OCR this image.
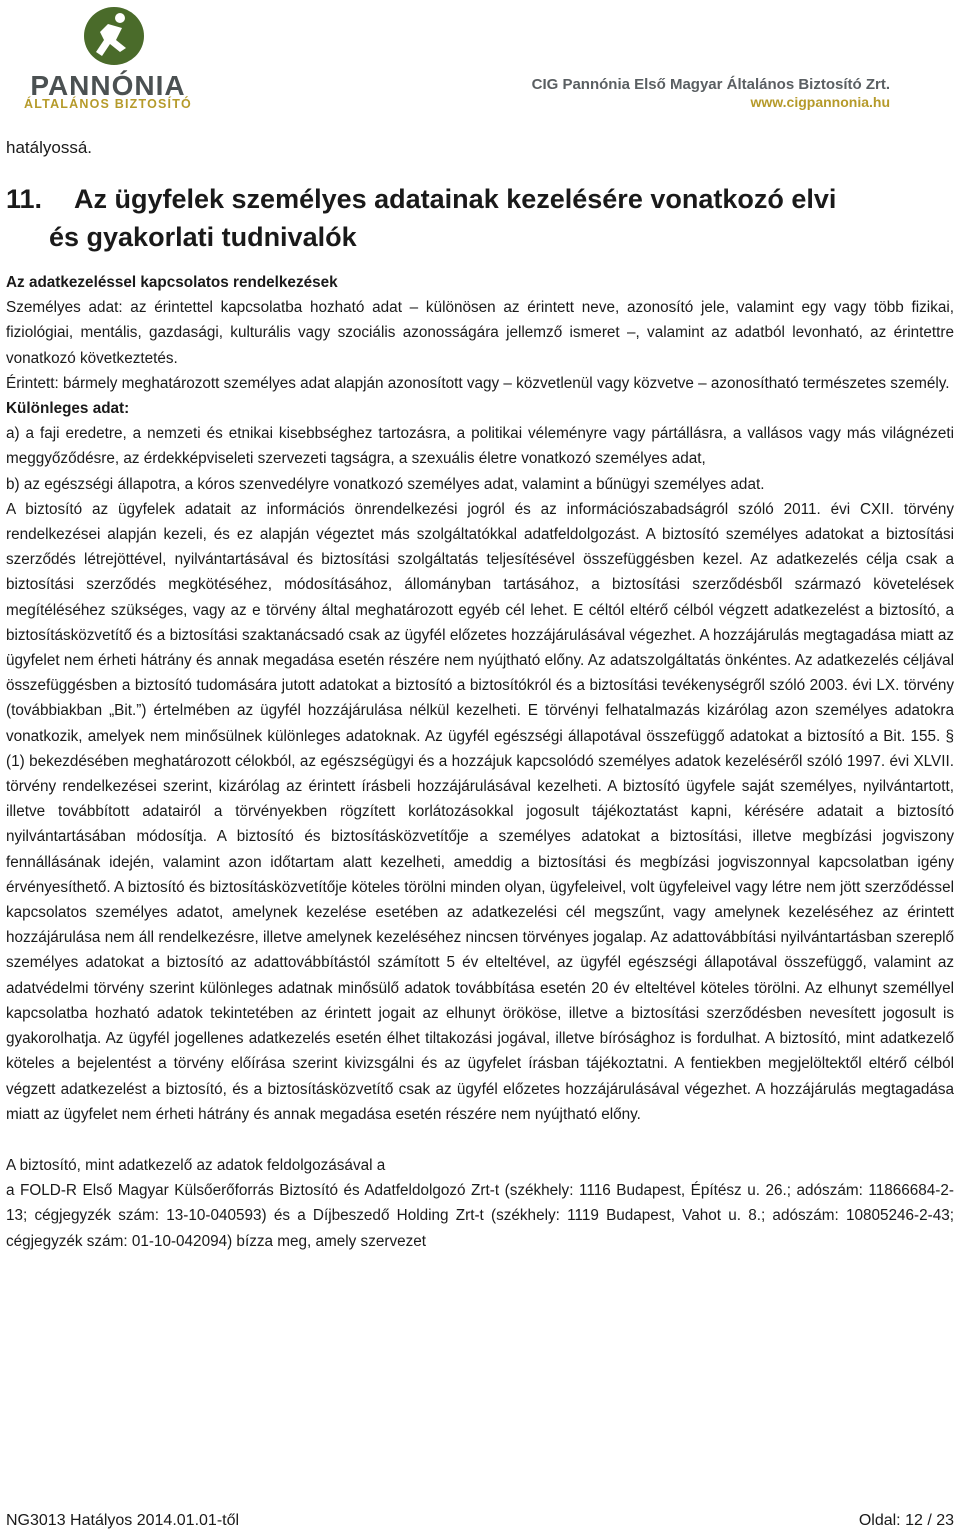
PANNÓNIA
ÁLTALÁNOS BIZTOSÍTÓ
CIG Pannónia Első Magyar Általános Biztosító Zrt.
www.cigpannonia.hu

hatályossá.

11. Az ügyfelek személyes adatainak kezelésére vonatkozó elvi
és gyakorlati tudnivalók

Az adatkezeléssel kapcsolatos rendelkezések

Személyes adat: az érintettel kapcsolatba hozható adat – különösen az érintett neve, azonosító jele, valamint egy vagy több fizikai, fiziológiai, mentális, gazdasági, kulturális vagy szociális azonosságára jellemző ismeret –, valamint az adatból levonható, az érintettre vonatkozó következtetés.

Érintett: bármely meghatározott személyes adat alapján azonosított vagy – közvetlenül vagy közvetve – azonosítható természetes személy.

Különleges adat:

a) a faji eredetre, a nemzeti és etnikai kisebbséghez tartozásra, a politikai véleményre vagy pártállásra, a vallásos vagy más világnézeti meggyőződésre, az érdekképviseleti szervezeti tagságra, a szexuális életre vonatkozó személyes adat,

b) az egészségi állapotra, a kóros szenvedélyre vonatkozó személyes adat, valamint a bűnügyi személyes adat.

A biztosító az ügyfelek adatait az információs önrendelkezési jogról és az információszabadságról szóló 2011. évi CXII. törvény rendelkezései alapján kezeli, és ez alapján végeztet más szolgáltatókkal adatfeldolgozást. A biztosító személyes adatokat a biztosítási szerződés létrejöttével, nyilvántartásával és biztosítási szolgáltatás teljesítésével összefüggésben kezel. Az adatkezelés célja csak a biztosítási szerződés megkötéséhez, módosításához, állományban tartásához, a biztosítási szerződésből származó követelések megítéléséhez szükséges, vagy az e törvény által meghatározott egyéb cél lehet. E céltól eltérő célból végzett adatkezelést a biztosító, a biztosításközvetítő és a biztosítási szaktanácsadó csak az ügyfél előzetes hozzájárulásával végezhet. A hozzájárulás megtagadása miatt az ügyfelet nem érheti hátrány és annak megadása esetén részére nem nyújtható előny. Az adatszolgáltatás önkéntes. Az adatkezelés céljával összefüggésben a biztosító tudomására jutott adatokat a biztosító a biztosítókról és a biztosítási tevékenységről szóló 2003. évi LX. törvény (továbbiakban „Bit.”) értelmében az ügyfél hozzájárulása nélkül kezelheti. E törvényi felhatalmazás kizárólag azon személyes adatokra vonatkozik, amelyek nem minősülnek különleges adatoknak. Az ügyfél egészségi állapotával összefüggő adatokat a biztosító a Bit. 155. § (1) bekezdésében meghatározott célokból, az egészségügyi és a hozzájuk kapcsolódó személyes adatok kezeléséről szóló 1997. évi XLVII. törvény rendelkezései szerint, kizárólag az érintett írásbeli hozzájárulásával kezelheti. A biztosító ügyfele saját személyes, nyilvántartott, illetve továbbított adatairól a törvényekben rögzített korlátozásokkal jogosult tájékoztatást kapni, kérésére adatait a biztosító nyilvántartásában módosítja. A biztosító és biztosításközvetítője a személyes adatokat a biztosítási, illetve megbízási jogviszony fennállásának idején, valamint azon időtartam alatt kezelheti, ameddig a biztosítási és megbízási jogviszonnyal kapcsolatban igény érvényesíthető. A biztosító és biztosításközvetítője köteles törölni minden olyan, ügyfeleivel, volt ügyfeleivel vagy létre nem jött szerződéssel kapcsolatos személyes adatot, amelynek kezelése esetében az adatkezelési cél megszűnt, vagy amelynek kezeléséhez az érintett hozzájárulása nem áll rendelkezésre, illetve amelynek kezeléséhez nincsen törvényes jogalap. Az adattovábbítási nyilvántartásban szereplő személyes adatokat a biztosító az adattovábbítástól számított 5 év elteltével, az ügyfél egészségi állapotával összefüggő, valamint az adatvédelmi törvény szerint különleges adatnak minősülő adatok továbbítása esetén 20 év elteltével köteles törölni. Az elhunyt személlyel kapcsolatba hozható adatok tekintetében az érintett jogait az elhunyt örököse, illetve a biztosítási szerződésben nevesített jogosult is gyakorolhatja. Az ügyfél jogellenes adatkezelés esetén élhet tiltakozási jogával, illetve bírósághoz is fordulhat. A biztosító, mint adatkezelő köteles a bejelentést a törvény előírása szerint kivizsgálni és az ügyfelet írásban tájékoztatni. A fentiekben megjelöltektől eltérő célból végzett adatkezelést a biztosító, és a biztosításközvetítő csak az ügyfél előzetes hozzájárulásával végezhet. A hozzájárulás megtagadása miatt az ügyfelet nem érheti hátrány és annak megadása esetén részére nem nyújtható előny.

A biztosító, mint adatkezelő az adatok feldolgozásával a

a FOLD-R Első Magyar Külsőerőforrás Biztosító és Adatfeldolgozó Zrt-t (székhely: 1116 Budapest, Építész u. 26.; adószám: 11866684-2-13; cégjegyzék szám: 13-10-040593) és a Díjbeszedő Holding Zrt-t (székhely: 1119 Budapest, Vahot u. 8.; adószám: 10805246-2-43; cégjegyzék szám: 01-10-042094) bízza meg, amely szervezet

NG3013 Hatályos 2014.01.01-től	Oldal: 12 / 23
